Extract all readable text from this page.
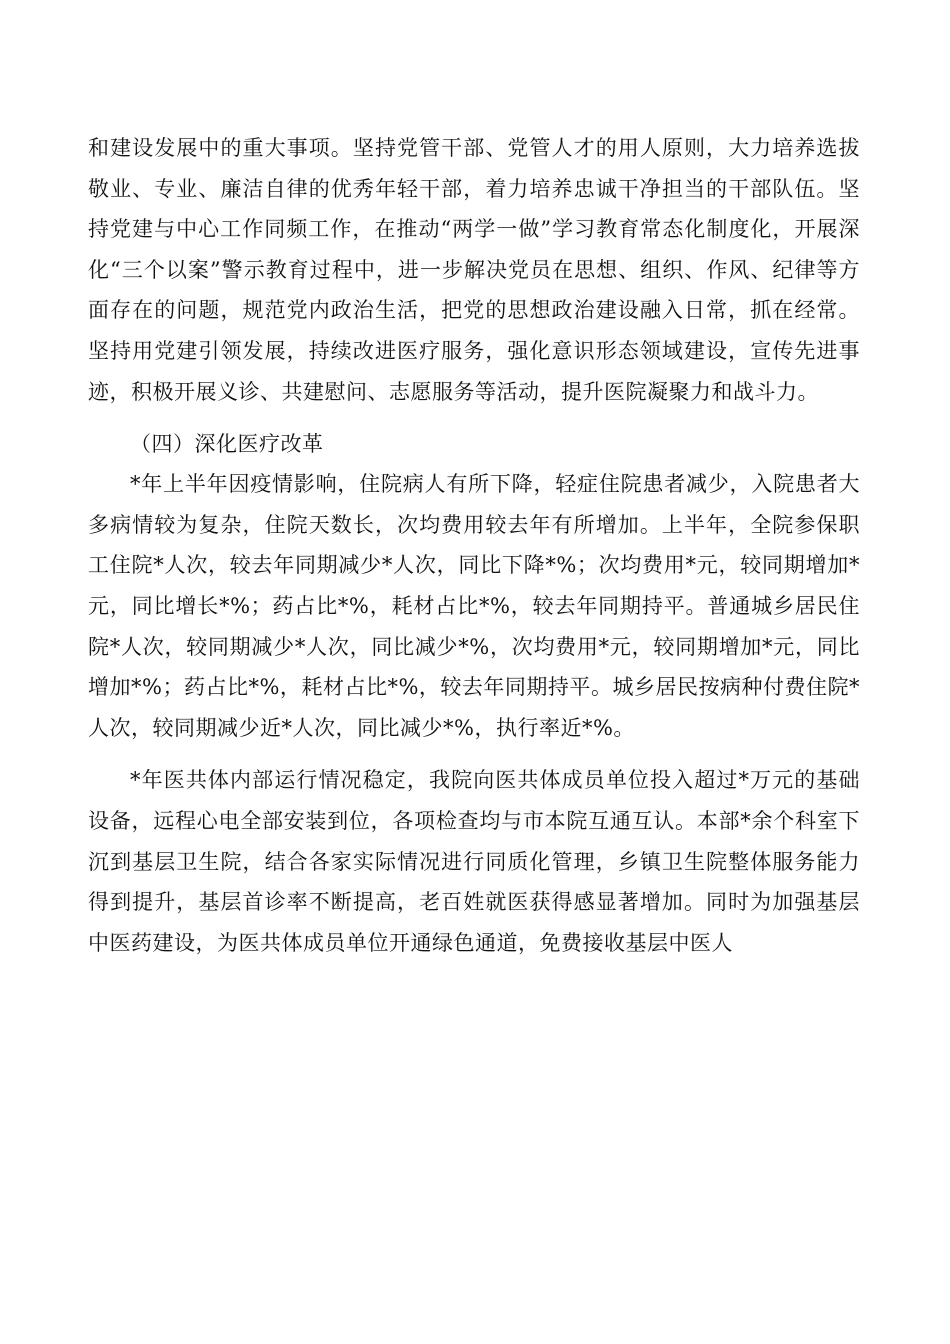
和建设发展中的重大事项。坚持党管干部、党管人才的用人原则，大力培养选拔敬业、专业、廉洁自律的优秀年轻干部，着力培养忠诚干净担当的干部队伍。坚持党建与中心工作同频工作，在推动“两学一做”学习教育常态化制度化，开展深化“三个以案”警示教育过程中，进一步解决党员在思想、组织、作风、纪律等方面存在的问题，规范党内政治生活，把党的思想政治建设融入日常，抓在经常。坚持用党建引领发展，持续改进医疗服务，强化意识形态领域建设，宣传先进事迹，积极开展义诊、共建慰问、志愿服务等活动，提升医院凝聚力和战斗力。

（四）深化医疗改革

*年上半年因疫情影响，住院病人有所下降，轻症住院患者减少，入院患者大多病情较为复杂，住院天数长，次均费用较去年有所增加。上半年，全院参保职工住院*人次，较去年同期减少*人次，同比下降*%；次均费用*元，较同期增加*元，同比增长*%；药占比*%，耗材占比*%，较去年同期持平。普通城乡居民住院*人次，较同期减少*人次，同比减少*%，次均费用*元，较同期增加*元，同比增加*%；药占比*%，耗材占比*%，较去年同期持平。城乡居民按病种付费住院*人次，较同期减少近*人次，同比减少*%，执行率近*%。

*年医共体内部运行情况稳定，我院向医共体成员单位投入超过*万元的基础设备，远程心电全部安装到位，各项检查均与市本院互通互认。本部*余个科室下沉到基层卫生院，结合各家实际情况进行同质化管理，乡镇卫生院整体服务能力得到提升，基层首诊率不断提高，老百姓就医获得感显著增加。同时为加强基层中医药建设，为医共体成员单位开通绿色通道，免费接收基层中医人
